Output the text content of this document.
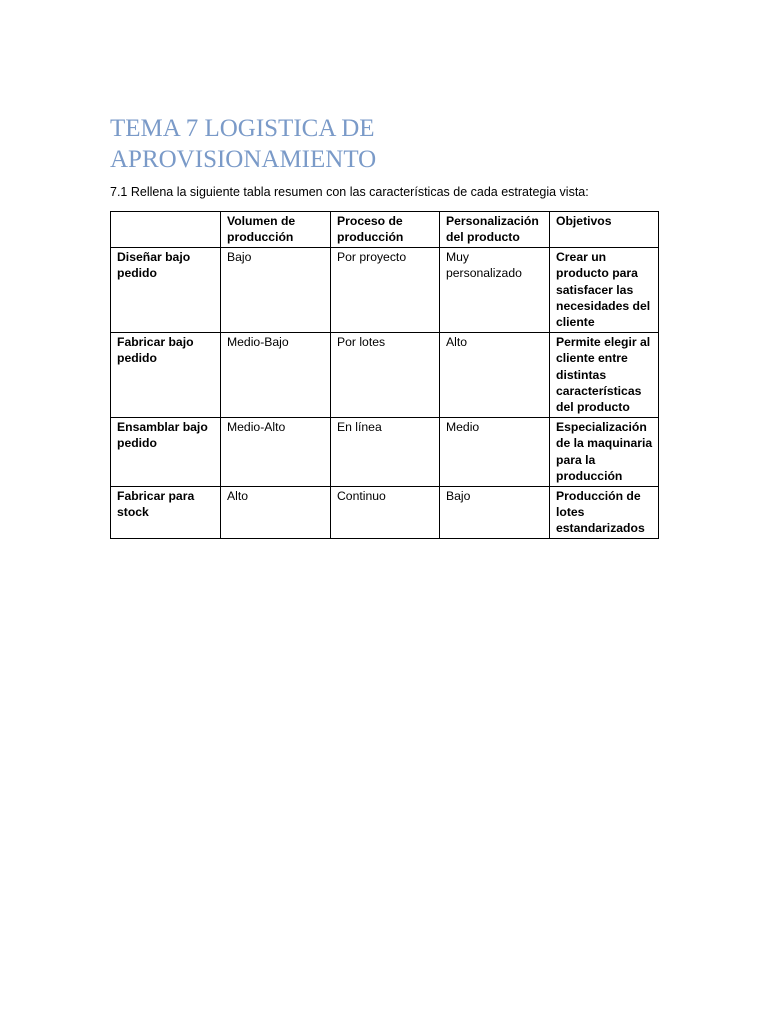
TEMA 7 LOGISTICA DE
APROVISIONAMIENTO

7.1 Rellena la siguiente tabla resumen con las características de cada estrategia vista:

	Volumen de producción	Proceso de producción	Personalización del producto	Objetivos
Diseñar bajo pedido	Bajo	Por proyecto	Muy personalizado	Crear un producto para satisfacer las necesidades del cliente
Fabricar bajo pedido	Medio-Bajo	Por lotes	Alto	Permite elegir al cliente entre distintas características del producto
Ensamblar bajo pedido	Medio-Alto	En línea	Medio	Especialización de la maquinaria para la producción
Fabricar para stock	Alto	Continuo	Bajo	Producción de lotes estandarizados
